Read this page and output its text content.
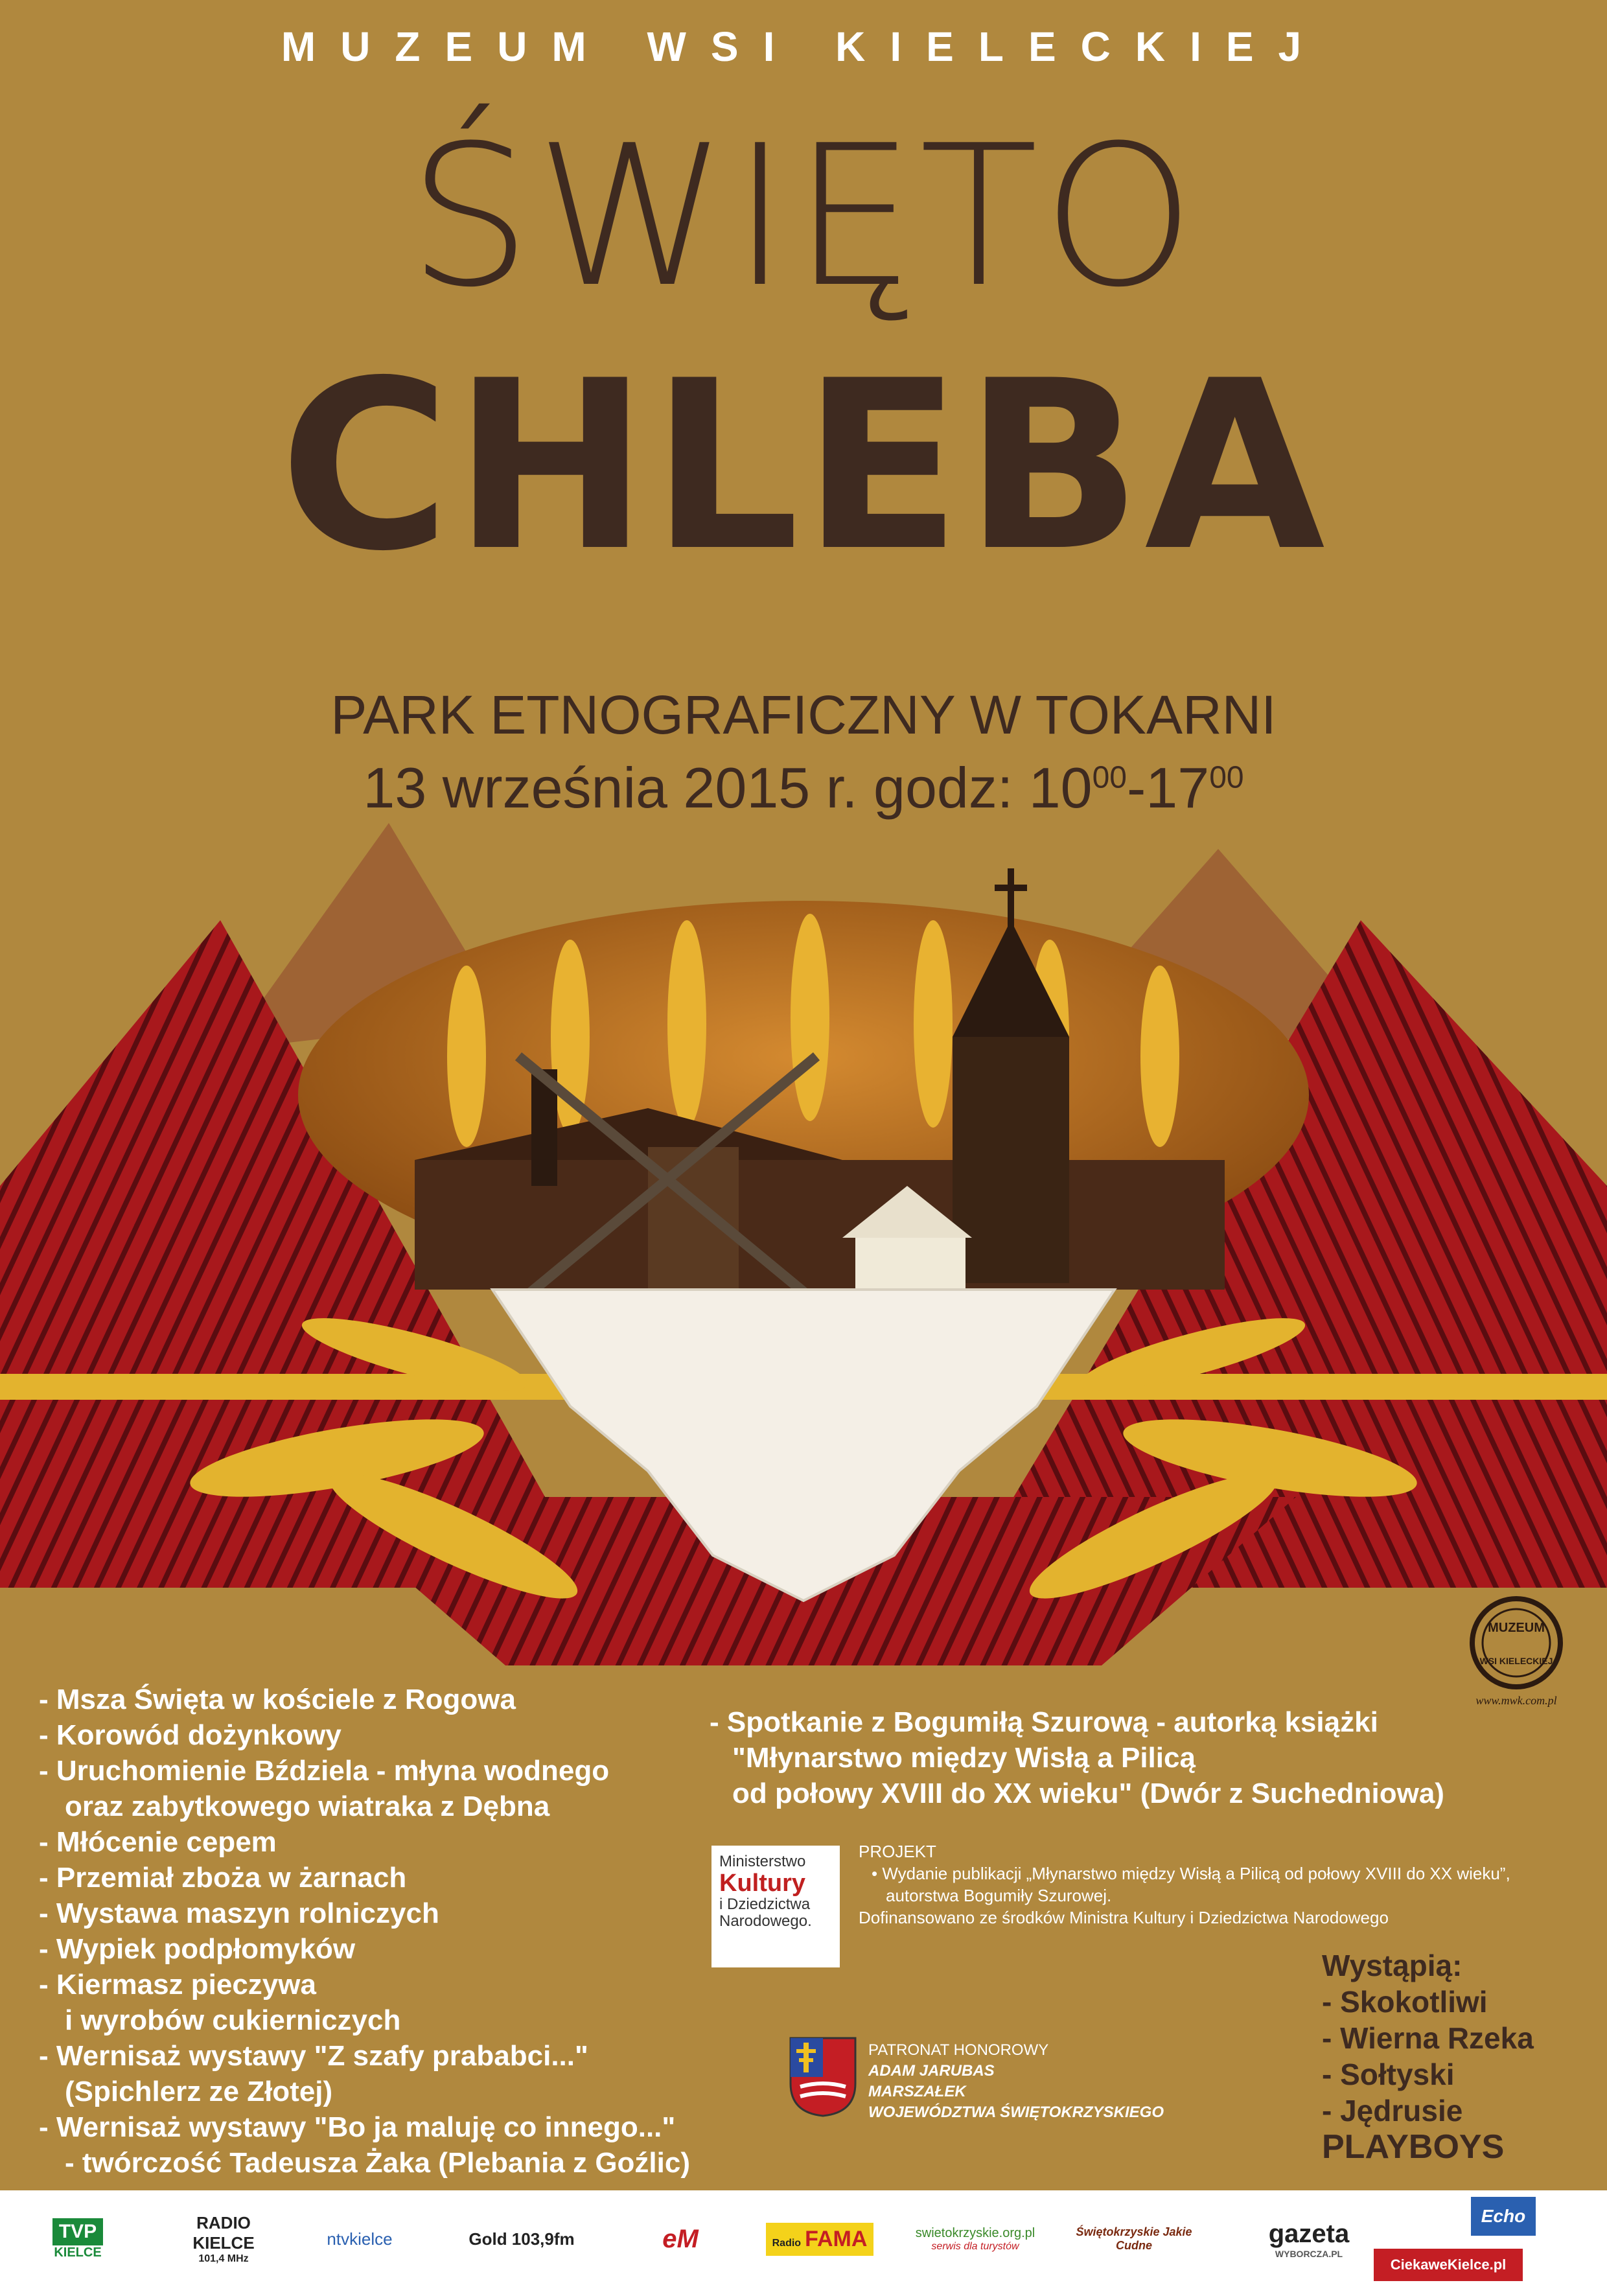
MUZEUM WSI KIELECKIEJ
ŚWIĘTO
CHLEBA
PARK ETNOGRAFICZNY W TOKARNI
13 września 2015 r. godz: $10^{00}-17^{00}$
MUZEUM
WSI KIELECKIEJ
www.mwk.com.pl
- Msza Święta w kościele z Rogowa
- Korowód dożynkowy
- Uruchomienie Bździela - młyna wodnego
oraz zabytkowego wiatraka z Dębna
- Młócenie cepem
- Przemiał zboża w żarnach
- Wystawa maszyn rolniczych
- Wypiek podpłomyków
- Kiermasz pieczywa
i wyrobów cukierniczych
- Wernisaż wystawy "Z szafy prababci..."
(Spichlerz ze Złotej)
- Wernisaż wystawy "Bo ja maluję co innego..."
- twórczość Tadeusza Żaka (Plebania z Goźlic)
- Spotkanie z Bogumiłą Szurową - autorką książki
"Młynarstwo między Wisłą a Pilicą
od połowy XVIII do XX wieku" (Dwór z Suchedniowa)
Ministerstwo
Kultury
i Dziedzictwa
Narodowego.
PROJEKT
• Wydanie publikacji „Młynarstwo między Wisłą a Pilicą od połowy XVIII do XX wieku”,
autorstwa Bogumiły Szurowej.
Dofinansowano ze środków Ministra Kultury i Dziedzictwa Narodowego
Wystąpią:
- Skokotliwi
- Wierna Rzeka
- Sołtyski
- Jędrusie
PLAYBOYS
PATRONAT HONOROWY
ADAM JARUBAS
MARSZAŁEK
WOJEWÓDZTWA ŚWIĘTOKRZYSKIEGO
TVP
KIELCE
RADIO KIELCE
101,4 MHz
ntvkielce	Gold 103,9fm	eM	Radio FAMA	swietokrzyskie.org.pl
serwis dla turystów
Świętokrzyskie Jakie Cudne	gazeta
WYBORCZA.PL
Echo
CiekaweKielce.pl
